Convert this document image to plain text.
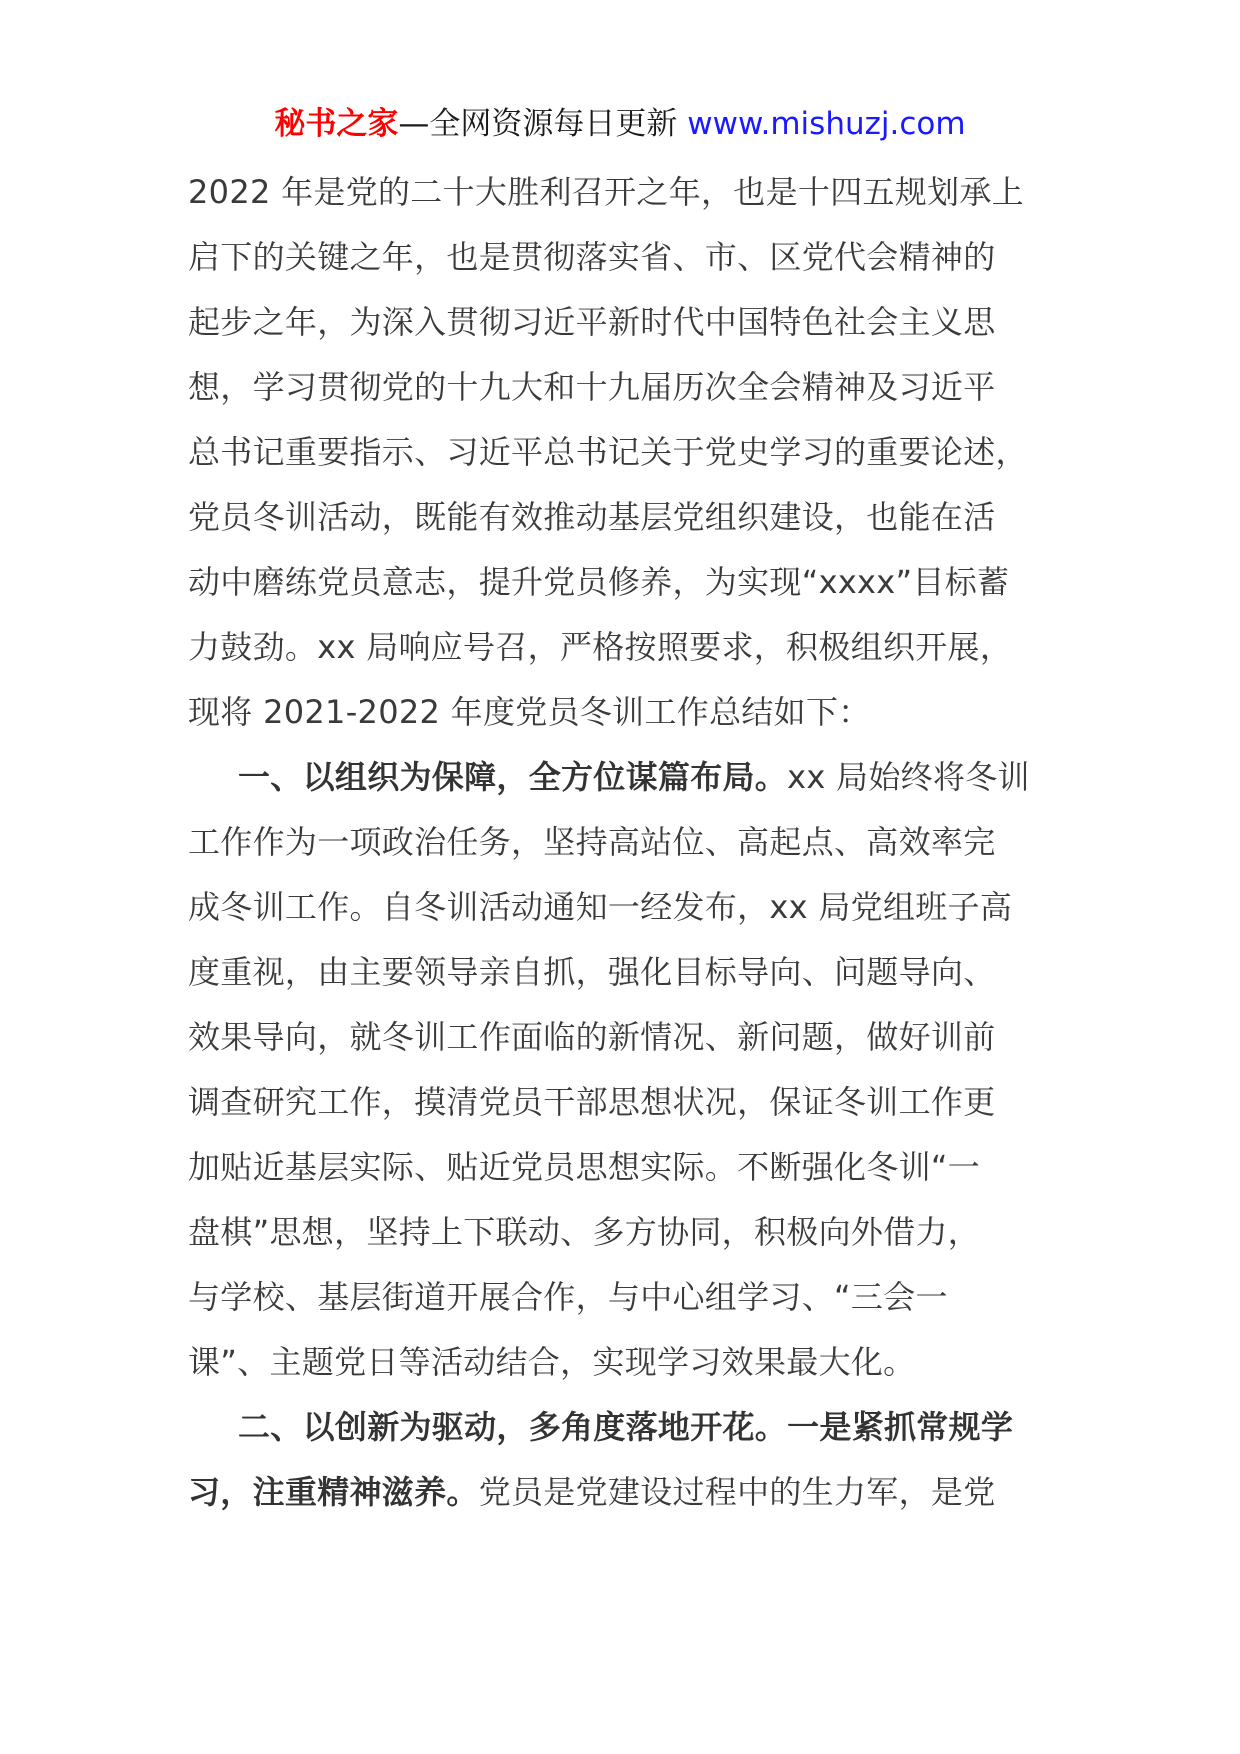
秘书之家—全网资源每日更新 www.mishuzj.com
2022 年是党的二十大胜利召开之年，也是十四五规划承上
启下的关键之年，也是贯彻落实省、市、区党代会精神的
起步之年，为深入贯彻习近平新时代中国特色社会主义思
想，学习贯彻党的十九大和十九届历次全会精神及习近平
总书记重要指示、习近平总书记关于党史学习的重要论述，
党员冬训活动，既能有效推动基层党组织建设，也能在活
动中磨练党员意志，提升党员修养，为实现“xxxx”目标蓄
力鼓劲。xx 局响应号召，严格按照要求，积极组织开展，
现将 2021-2022 年度党员冬训工作总结如下：
一、以组织为保障，全方位谋篇布局。xx 局始终将冬训
工作作为一项政治任务，坚持高站位、高起点、高效率完
成冬训工作。自冬训活动通知一经发布，xx 局党组班子高
度重视，由主要领导亲自抓，强化目标导向、问题导向、
效果导向，就冬训工作面临的新情况、新问题，做好训前
调查研究工作，摸清党员干部思想状况，保证冬训工作更
加贴近基层实际、贴近党员思想实际。不断强化冬训“一
盘棋”思想，坚持上下联动、多方协同，积极向外借力，
与学校、基层街道开展合作，与中心组学习、“三会一
课”、主题党日等活动结合，实现学习效果最大化。
二、以创新为驱动，多角度落地开花。一是紧抓常规学
习，注重精神滋养。党员是党建设过程中的生力军，是党
